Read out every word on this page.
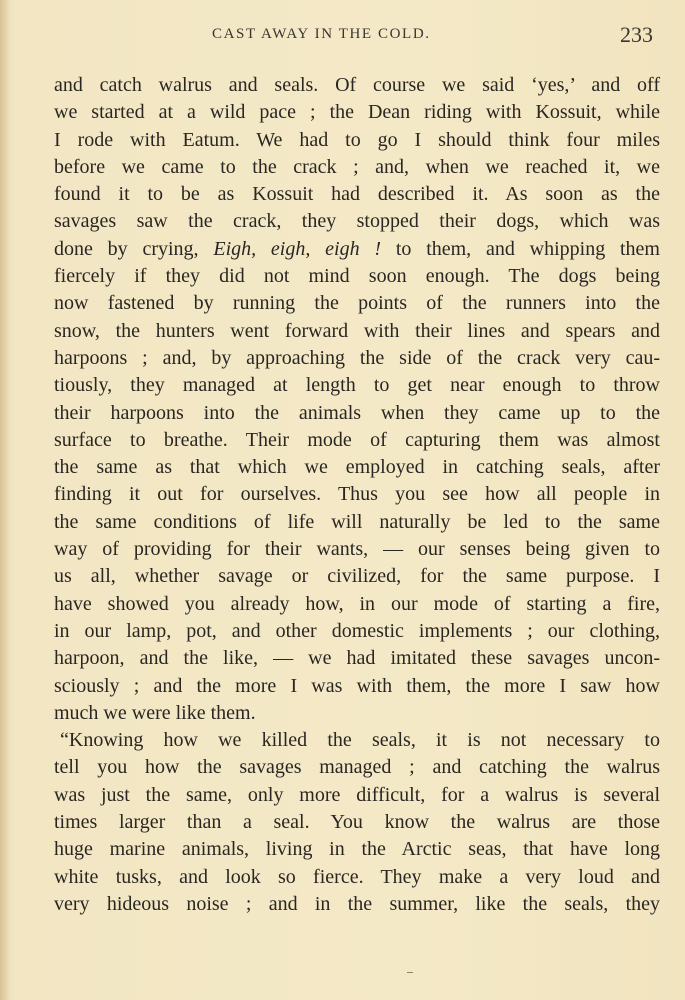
CAST AWAY IN THE COLD.	233
and catch walrus and seals. Of course we said ‘yes,’ and off
we started at a wild pace ; the Dean riding with Kossuit, while
I rode with Eatum. We had to go I should think four miles
before we came to the crack ; and, when we reached it, we
found it to be as Kossuit had described it. As soon as the
savages saw the crack, they stopped their dogs, which was
done by crying, Eigh, eigh, eigh ! to them, and whipping them
fiercely if they did not mind soon enough. The dogs being
now fastened by running the points of the runners into the
snow, the hunters went forward with their lines and spears and
harpoons ; and, by approaching the side of the crack very cau-
tiously, they managed at length to get near enough to throw
their harpoons into the animals when they came up to the
surface to breathe. Their mode of capturing them was almost
the same as that which we employed in catching seals, after
finding it out for ourselves. Thus you see how all people in
the same conditions of life will naturally be led to the same
way of providing for their wants, — our senses being given to
us all, whether savage or civilized, for the same purpose. I
have showed you already how, in our mode of starting a fire,
in our lamp, pot, and other domestic implements ; our clothing,
harpoon, and the like, — we had imitated these savages uncon-
sciously ; and the more I was with them, the more I saw how
much we were like them.
“Knowing how we killed the seals, it is not necessary to
tell you how the savages managed ; and catching the walrus
was just the same, only more difficult, for a walrus is several
times larger than a seal. You know the walrus are those
huge marine animals, living in the Arctic seas, that have long
white tusks, and look so fierce. They make a very loud and
very hideous noise ; and in the summer, like the seals, they
